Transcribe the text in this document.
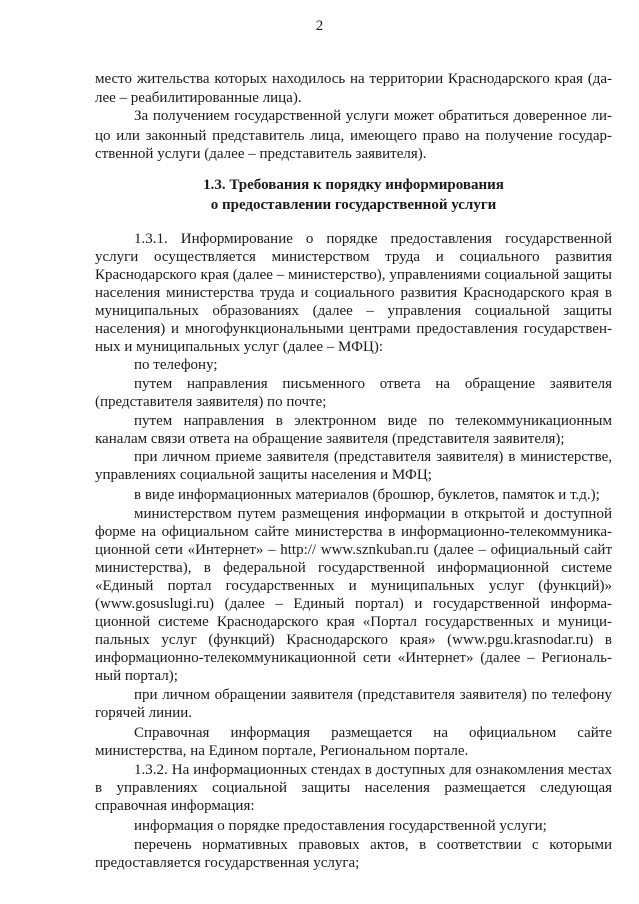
2
место жительства которых находилось на территории Краснодарского края (да-
лее – реабилитированные лица).
За получением государственной услуги может обратиться доверенное ли-
цо или законный представитель лица, имеющего право на получение государ-
ственной услуги (далее – представитель заявителя).
1.3. Требования к порядку информирования
о предоставлении государственной услуги
1.3.1. Информирование о порядке предоставления государственной
услуги осуществляется министерством труда и социального развития
Краснодарского края (далее – министерство), управлениями социальной защиты
населения министерства труда и социального развития Краснодарского края в
муниципальных образованиях (далее – управления социальной защиты
населения) и многофункциональными центрами предоставления государствен-
ных и муниципальных услуг (далее – МФЦ):
по телефону;
путем направления письменного ответа на обращение заявителя
(представителя заявителя) по почте;
путем направления в электронном виде по телекоммуникационным
каналам связи ответа на обращение заявителя (представителя заявителя);
при личном приеме заявителя (представителя заявителя) в министерстве,
управлениях социальной защиты населения и МФЦ;
в виде информационных материалов (брошюр, буклетов, памяток и т.д.);
министерством путем размещения информации в открытой и доступной
форме на официальном сайте министерства в информационно-телекоммуника-
ционной сети «Интернет» – http:// www.sznkuban.ru (далее – официальный сайт
министерства), в федеральной государственной информационной системе
«Единый портал государственных и муниципальных услуг (функций)»
(www.gosuslugi.ru) (далее – Единый портал) и государственной информа-
ционной системе Краснодарского края «Портал государственных и муници-
пальных услуг (функций) Краснодарского края» (www.pgu.krasnodar.ru) в
информационно-телекоммуникационной сети «Интернет» (далее – Региональ-
ный портал);
при личном обращении заявителя (представителя заявителя) по телефону
горячей линии.
Справочная информация размещается на официальном сайте
министерства, на Едином портале, Региональном портале.
1.3.2. На информационных стендах в доступных для ознакомления местах
в управлениях социальной защиты населения размещается следующая
справочная информация:
информация о порядке предоставления государственной услуги;
перечень нормативных правовых актов, в соответствии с которыми
предоставляется государственная услуга;
